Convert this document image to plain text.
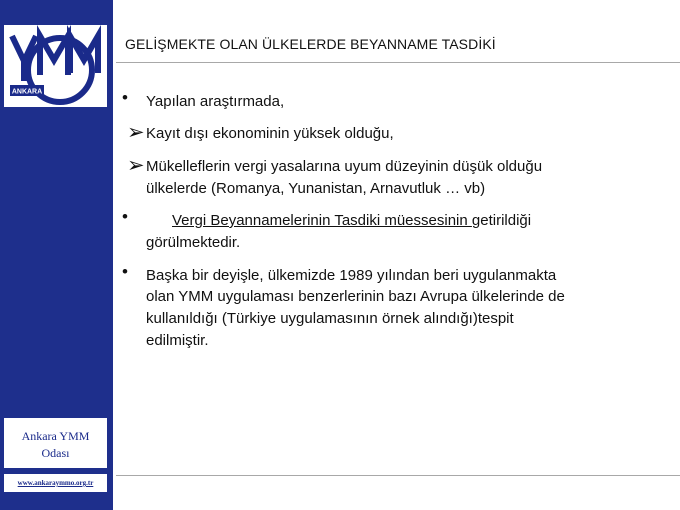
ANKARA
Ankara YMM
Odası
www.ankaraymmo.org.tr
GELİŞMEKTE OLAN ÜLKELERDE BEYANNAME TASDİKİ
• Yapılan araştırmada,
➢ Kayıt dışı ekonominin yüksek olduğu,
➢ Mükelleflerin vergi yasalarına uyum düzeyinin düşük olduğu
ülkelerde (Romanya, Yunanistan, Arnavutluk … vb)
•	Vergi Beyannamelerinin Tasdiki müessesinin getirildiği
görülmektedir.
• Başka bir deyişle, ülkemizde 1989 yılından beri uygulanmakta
olan YMM uygulaması benzerlerinin bazı Avrupa ülkelerinde de
kullanıldığı (Türkiye uygulamasının örnek alındığı)tespit
edilmiştir.
